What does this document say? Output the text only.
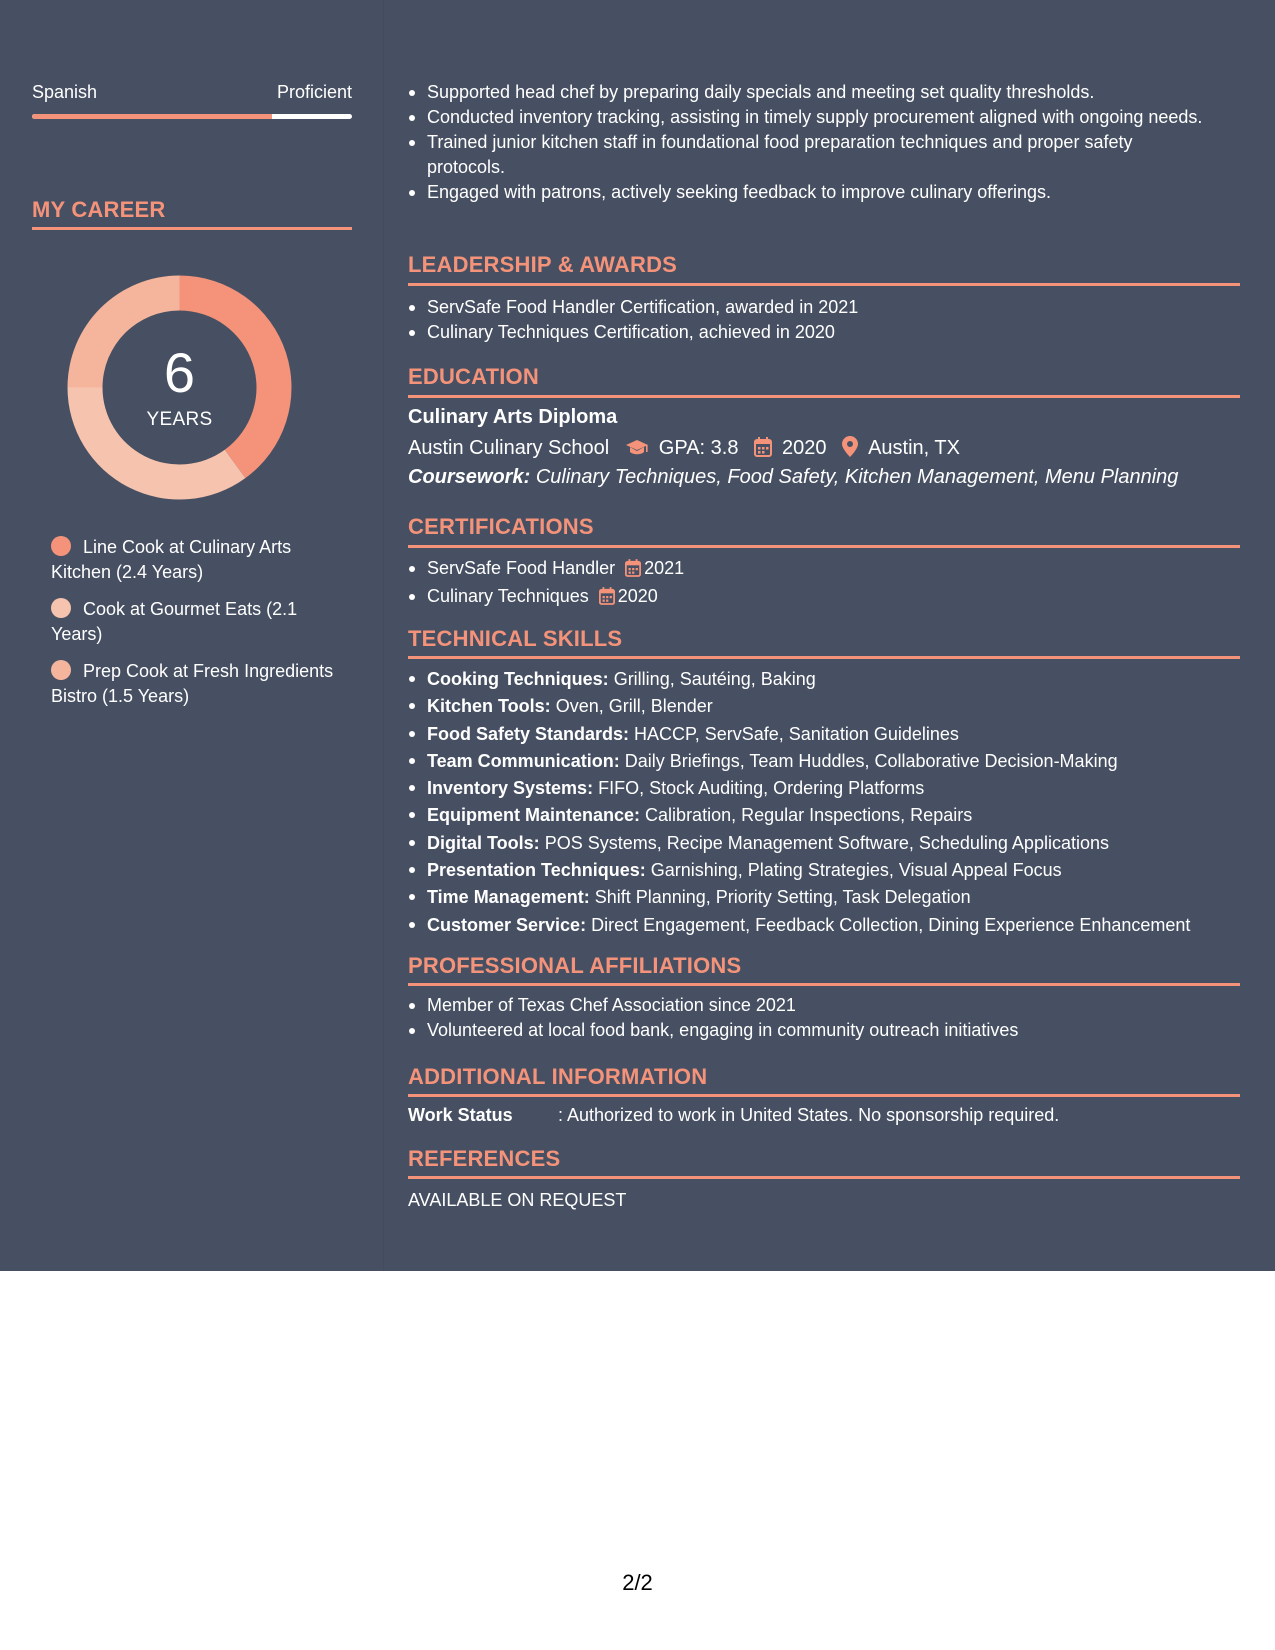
Spanish	Proficient
MY CAREER
6
YEARS
Line Cook at Culinary Arts Kitchen (2.4 Years)
Cook at Gourmet Eats (2.1 Years)
Prep Cook at Fresh Ingredients Bistro (1.5 Years)
Supported head chef by preparing daily specials and meeting set quality thresholds.
Conducted inventory tracking, assisting in timely supply procurement aligned with ongoing needs.
Trained junior kitchen staff in foundational food preparation techniques and proper safety protocols.
Engaged with patrons, actively seeking feedback to improve culinary offerings.
LEADERSHIP & AWARDS
ServSafe Food Handler Certification, awarded in 2021
Culinary Techniques Certification, achieved in 2020
EDUCATION
Culinary Arts Diploma
Austin Culinary School GPA: 3.8 2020 Austin, TX
Coursework: Culinary Techniques, Food Safety, Kitchen Management, Menu Planning
CERTIFICATIONS
ServSafe Food Handler 2021
Culinary Techniques 2020
TECHNICAL SKILLS
Cooking Techniques: Grilling, Sautéing, Baking
Kitchen Tools: Oven, Grill, Blender
Food Safety Standards: HACCP, ServSafe, Sanitation Guidelines
Team Communication: Daily Briefings, Team Huddles, Collaborative Decision-Making
Inventory Systems: FIFO, Stock Auditing, Ordering Platforms
Equipment Maintenance: Calibration, Regular Inspections, Repairs
Digital Tools: POS Systems, Recipe Management Software, Scheduling Applications
Presentation Techniques: Garnishing, Plating Strategies, Visual Appeal Focus
Time Management: Shift Planning, Priority Setting, Task Delegation
Customer Service: Direct Engagement, Feedback Collection, Dining Experience Enhancement
PROFESSIONAL AFFILIATIONS
Member of Texas Chef Association since 2021
Volunteered at local food bank, engaging in community outreach initiatives
ADDITIONAL INFORMATION
Work Status	: Authorized to work in United States. No sponsorship required.
REFERENCES
AVAILABLE ON REQUEST
2/2
